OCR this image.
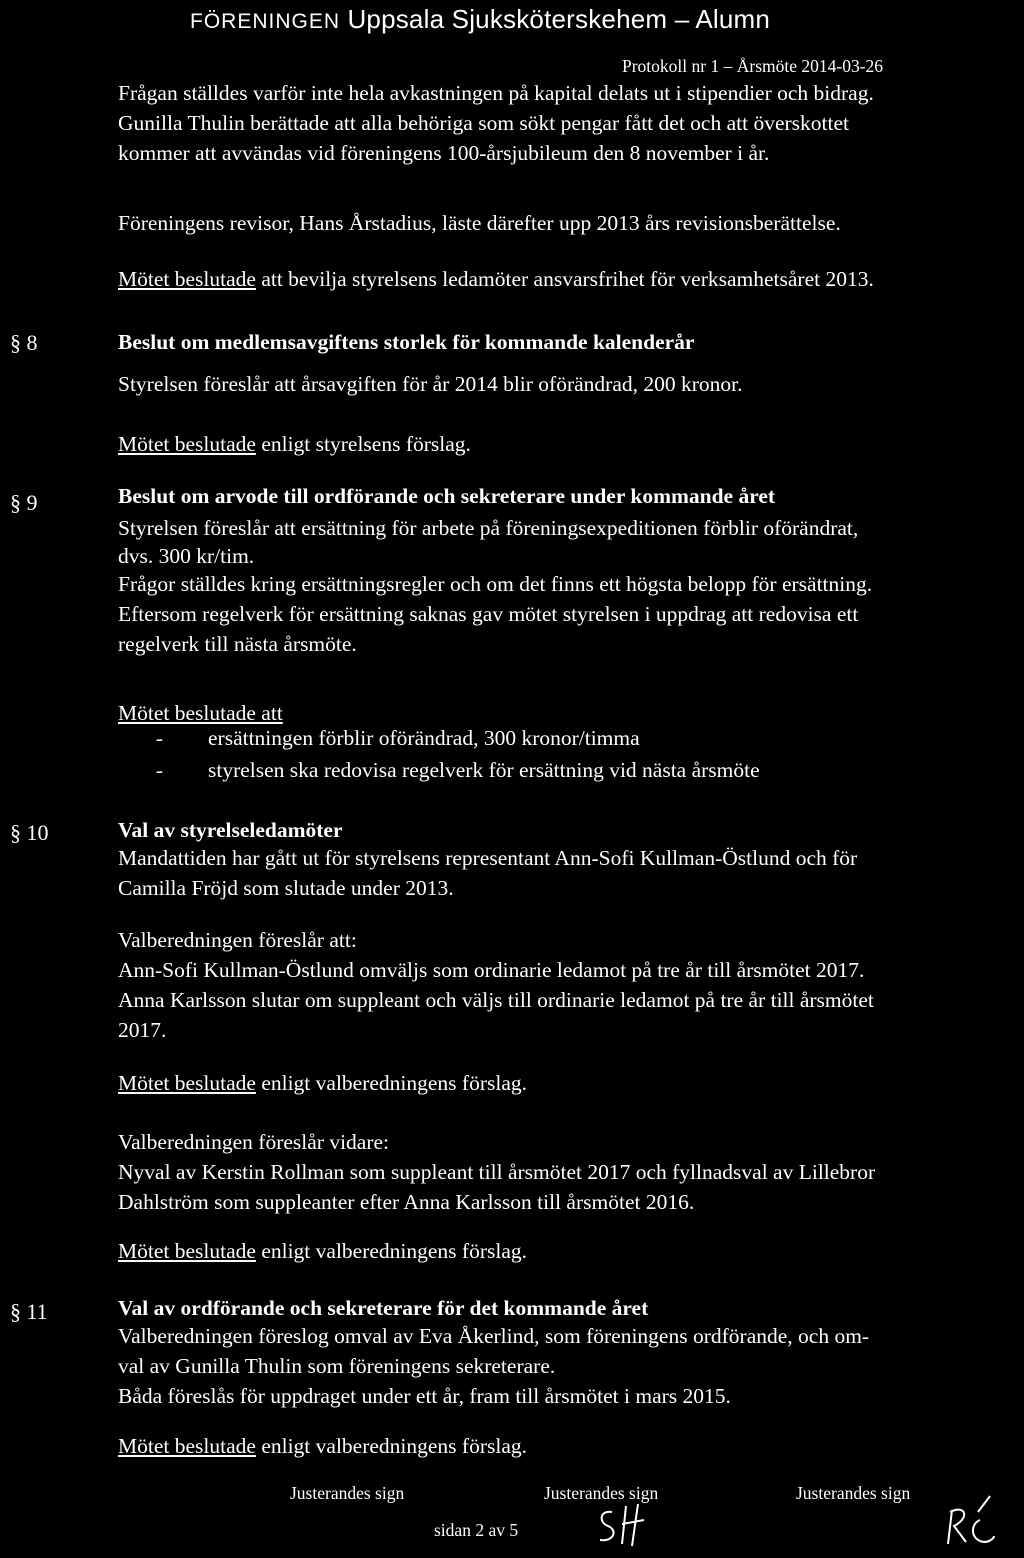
FÖRENINGEN Uppsala Sjuksköterskehem – Alumn
Protokoll nr 1 – Årsmöte 2014-03-26
Frågan ställdes varför inte hela avkastningen på kapital delats ut i stipendier och bidrag.
Gunilla Thulin berättade att alla behöriga som sökt pengar fått det och att överskottet
kommer att avvändas vid föreningens 100-årsjubileum den 8 november i år.
Föreningens revisor, Hans Årstadius, läste därefter upp 2013 års revisionsberättelse.
Mötet beslutade att bevilja styrelsens ledamöter ansvarsfrihet för verksamhetsåret 2013.
§ 8	Beslut om medlemsavgiftens storlek för kommande kalenderår
Styrelsen föreslår att årsavgiften för år 2014 blir oförändrad, 200 kronor.
Mötet beslutade enligt styrelsens förslag.
§ 9	Beslut om arvode till ordförande och sekreterare under kommande året
Styrelsen föreslår att ersättning för arbete på föreningsexpeditionen förblir oförändrat,
dvs. 300 kr/tim.
Frågor ställdes kring ersättningsregler och om det finns ett högsta belopp för ersättning.
Eftersom regelverk för ersättning saknas gav mötet styrelsen i uppdrag att redovisa ett
regelverk till nästa årsmöte.
Mötet beslutade att
- ersättningen förblir oförändrad, 300 kronor/timma
- styrelsen ska redovisa regelverk för ersättning vid nästa årsmöte
§ 10	Val av styrelseledamöter
Mandattiden har gått ut för styrelsens representant Ann-Sofi Kullman-Östlund och för
Camilla Fröjd som slutade under 2013.
Valberedningen föreslår att:
Ann-Sofi Kullman-Östlund omväljs som ordinarie ledamot på tre år till årsmötet 2017.
Anna Karlsson slutar om suppleant och väljs till ordinarie ledamot på tre år till årsmötet
2017.
Mötet beslutade enligt valberedningens förslag.
Valberedningen föreslår vidare:
Nyval av Kerstin Rollman som suppleant till årsmötet 2017 och fyllnadsval av Lillebror
Dahlström som suppleanter efter Anna Karlsson till årsmötet 2016.
Mötet beslutade enligt valberedningens förslag.
§ 11	Val av ordförande och sekreterare för det kommande året
Valberedningen föreslog omval av Eva Åkerlind, som föreningens ordförande, och om-
val av Gunilla Thulin som föreningens sekreterare.
Båda föreslås för uppdraget under ett år, fram till årsmötet i mars 2015.
Mötet beslutade enligt valberedningens förslag.
Justerandes sign	Justerandes sign	Justerandes sign
sidan 2 av 5
